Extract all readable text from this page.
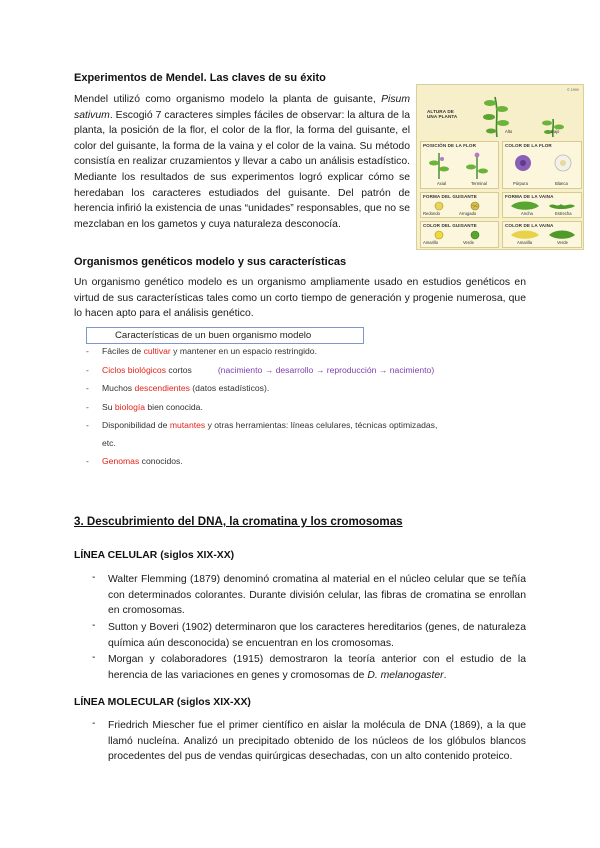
Experimentos de Mendel. Las claves de su éxito
Mendel utilizó como organismo modelo la planta de guisante, Pisum sativum. Escogió 7 caracteres simples fáciles de observar: la altura de la planta, la posición de la flor, el color de la flor, la forma del guisante, el color del guisante, la forma de la vaina y el color de la vaina. Su método consistía en realizar cruzamientos y llevar a cabo un análisis estadístico. Mediante los resultados de sus experimentos logró explicar cómo se heredaban los caracteres estudiados del guisante. Del patrón de herencia infirió la existencia de unas “unidades” responsables, que no se mezclaban en los gametos y cuya naturaleza desconocía.
© 1999
ALTURA DE UNA PLANTA
Alto	Bajo
POSICIÓN DE LA FLOR	COLOR DE LA FLOR
Axial	Terminal	Púrpura	Blanca
FORMA DEL GUISANTE	FORMA DE LA VAINA
Redondo	Arrugado	Ancha	Estrecha
COLOR DEL GUISANTE	COLOR DE LA VAINA
Amarillo	Verde	Amarilla	Verde
Organismos genéticos modelo y sus características
Un organismo genético modelo es un organismo ampliamente usado en estudios genéticos en virtud de sus características tales como un corto tiempo de generación y progenie numerosa, que lo hacen apto para el análisis genético.
Características de un buen organismo modelo
- Fáciles de cultivar y mantener en un espacio restringido.
- Ciclos biológicos cortos	(nacimiento → desarrollo → reproducción → nacimiento)
- Muchos descendientes (datos estadísticos).
- Su biología bien conocida.
- Disponibilidad de mutantes y otras herramientas: líneas celulares, técnicas optimizadas,
etc.
- Genomas conocidos.
3. Descubrimiento del DNA, la cromatina y los cromosomas
LÍNEA CELULAR (siglos XIX-XX)
- Walter Flemming (1879) denominó cromatina al material en el núcleo celular que se teñía con determinados colorantes. Durante división celular, las fibras de cromatina se enrollan en cromosomas.
- Sutton y Boveri (1902) determinaron que los caracteres hereditarios (genes, de naturaleza química aún desconocida) se encuentran en los cromosomas.
- Morgan y colaboradores (1915) demostraron la teoría anterior con el estudio de la herencia de las variaciones en genes y cromosomas de D. melanogaster.
LÍNEA MOLECULAR (siglos XIX-XX)
- Friedrich Miescher fue el primer científico en aislar la molécula de DNA (1869), a la que llamó nucleína. Analizó un precipitado obtenido de los núcleos de los glóbulos blancos procedentes del pus de vendas quirúrgicas desechadas, con un alto contenido proteico.
